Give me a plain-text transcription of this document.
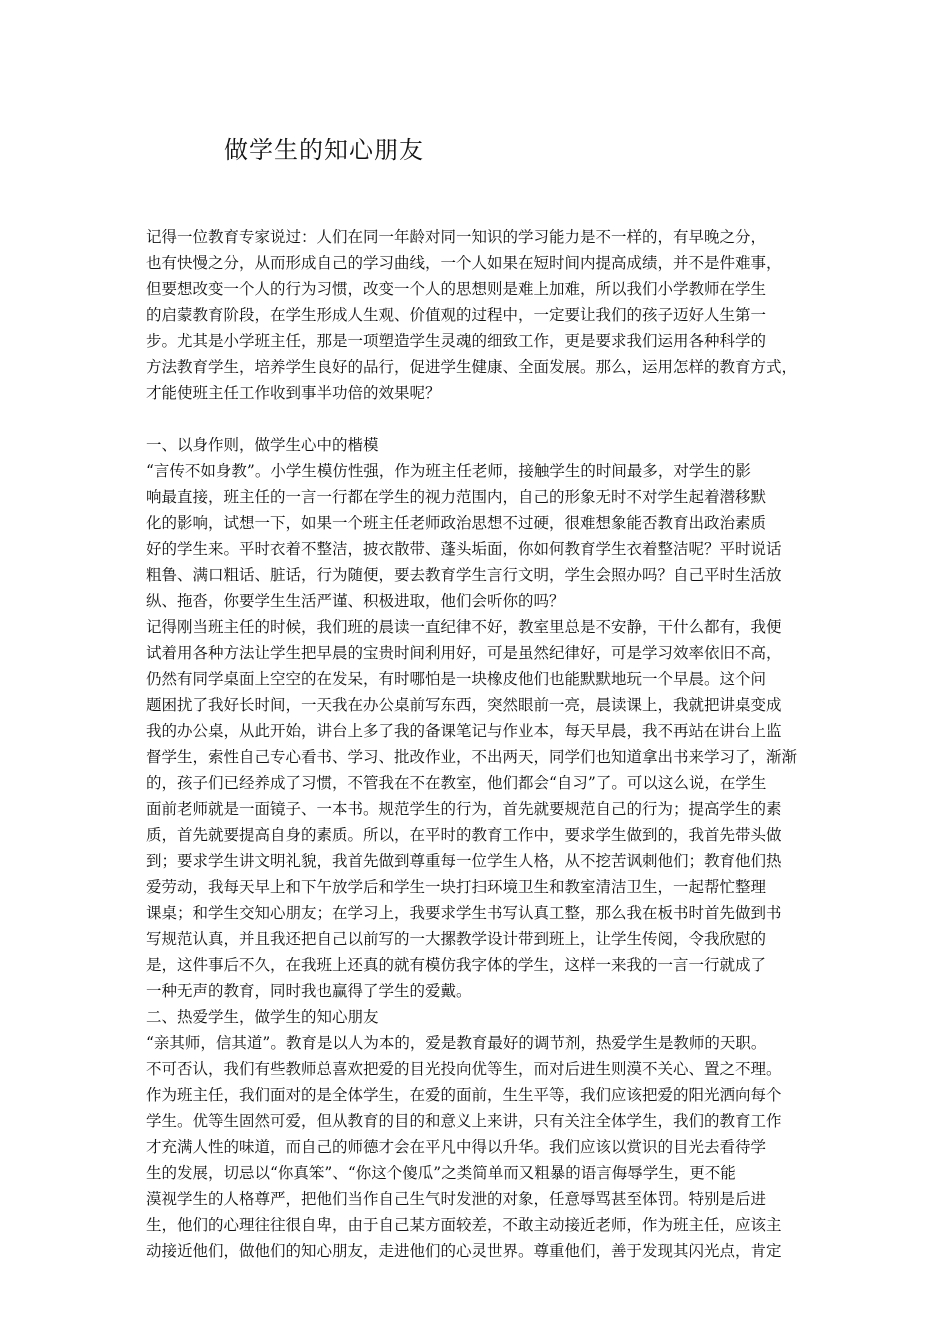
做学生的知心朋友
记得一位教育专家说过：人们在同一年龄对同一知识的学习能力是不一样的，有早晚之分，
也有快慢之分，从而形成自己的学习曲线，一个人如果在短时间内提高成绩，并不是件难事，
但要想改变一个人的行为习惯，改变一个人的思想则是难上加难，所以我们小学教师在学生
的启蒙教育阶段，在学生形成人生观、价值观的过程中，一定要让我们的孩子迈好人生第一
步。尤其是小学班主任，那是一项塑造学生灵魂的细致工作，更是要求我们运用各种科学的
方法教育学生，培养学生良好的品行，促进学生健康、全面发展。那么，运用怎样的教育方式，
才能使班主任工作收到事半功倍的效果呢？
一、以身作则，做学生心中的楷模
“言传不如身教”。小学生模仿性强，作为班主任老师，接触学生的时间最多，对学生的影
响最直接，班主任的一言一行都在学生的视力范围内，自己的形象无时不对学生起着潜移默
化的影响，试想一下，如果一个班主任老师政治思想不过硬，很难想象能否教育出政治素质
好的学生来。平时衣着不整洁，披衣散带、蓬头垢面，你如何教育学生衣着整洁呢？平时说话
粗鲁、满口粗话、脏话，行为随便，要去教育学生言行文明，学生会照办吗？自己平时生活放
纵、拖沓，你要学生生活严谨、积极进取，他们会听你的吗？
记得刚当班主任的时候，我们班的晨读一直纪律不好，教室里总是不安静，干什么都有，我便
试着用各种方法让学生把早晨的宝贵时间利用好，可是虽然纪律好，可是学习效率依旧不高，
仍然有同学桌面上空空的在发呆，有时哪怕是一块橡皮他们也能默默地玩一个早晨。这个问
题困扰了我好长时间，一天我在办公桌前写东西，突然眼前一亮，晨读课上，我就把讲桌变成
我的办公桌，从此开始，讲台上多了我的备课笔记与作业本，每天早晨，我不再站在讲台上监
督学生，索性自己专心看书、学习、批改作业，不出两天，同学们也知道拿出书来学习了，渐渐
的，孩子们已经养成了习惯，不管我在不在教室，他们都会“自习”了。可以这么说，在学生
面前老师就是一面镜子、一本书。规范学生的行为，首先就要规范自己的行为；提高学生的素
质，首先就要提高自身的素质。所以，在平时的教育工作中，要求学生做到的，我首先带头做
到；要求学生讲文明礼貌，我首先做到尊重每一位学生人格，从不挖苦讽刺他们；教育他们热
爱劳动，我每天早上和下午放学后和学生一块打扫环境卫生和教室清洁卫生，一起帮忙整理
课桌；和学生交知心朋友；在学习上，我要求学生书写认真工整，那么我在板书时首先做到书
写规范认真，并且我还把自己以前写的一大摞教学设计带到班上，让学生传阅，令我欣慰的
是，这件事后不久，在我班上还真的就有模仿我字体的学生，这样一来我的一言一行就成了
一种无声的教育，同时我也赢得了学生的爱戴。
二、热爱学生，做学生的知心朋友
“亲其师，信其道”。教育是以人为本的，爱是教育最好的调节剂，热爱学生是教师的天职。
不可否认，我们有些教师总喜欢把爱的目光投向优等生，而对后进生则漠不关心、置之不理。
作为班主任，我们面对的是全体学生，在爱的面前，生生平等，我们应该把爱的阳光洒向每个
学生。优等生固然可爱，但从教育的目的和意义上来讲，只有关注全体学生，我们的教育工作
才充满人性的味道，而自己的师德才会在平凡中得以升华。我们应该以赏识的目光去看待学
生的发展，切忌以“你真笨”、“你这个傻瓜”之类简单而又粗暴的语言侮辱学生，更不能
漠视学生的人格尊严，把他们当作自己生气时发泄的对象，任意辱骂甚至体罚。特别是后进
生，他们的心理往往很自卑，由于自己某方面较差，不敢主动接近老师，作为班主任，应该主
动接近他们，做他们的知心朋友，走进他们的心灵世界。尊重他们，善于发现其闪光点，肯定
